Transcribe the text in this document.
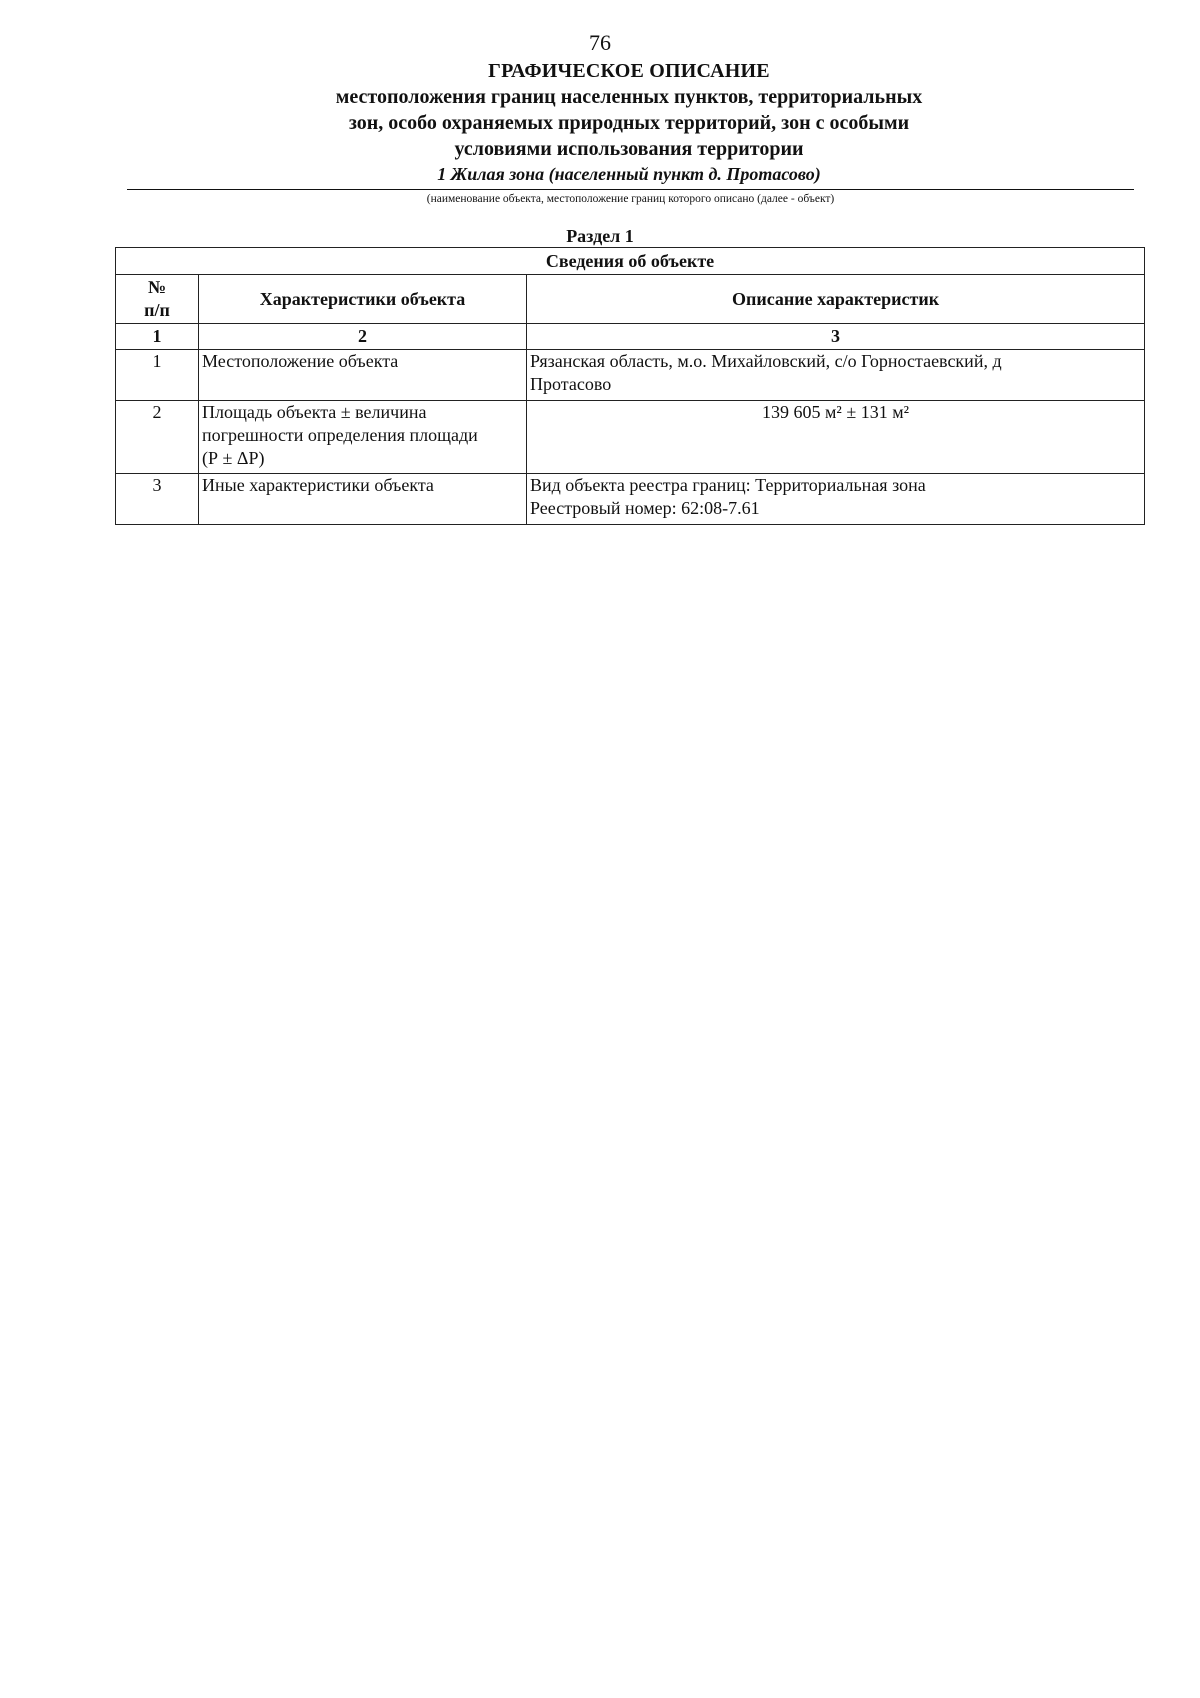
76
ГРАФИЧЕСКОЕ ОПИСАНИЕ
местоположения границ населенных пунктов, территориальных
зон, особо охраняемых природных территорий, зон с особыми
условиями использования территории
1 Жилая зона (населенный пункт д. Протасово)
(наименование объекта, местоположение границ которого описано (далее - объект)
Раздел 1
Сведения об объекте		

№
п/п	Характеристики объекта	Описание характеристик
1	2	3
1	Местоположение объекта	Рязанская область, м.о. Михайловский, с/о Горностаевский, д
Протасово

2	Площадь объекта ± величина
погрешности определения площади
(Р ± ΔР)	139 605 м² ± 131 м²
3	Иные характеристики объекта	Вид объекта реестра границ: Территориальная зона
Реестровый номер: 62:08-7.61
